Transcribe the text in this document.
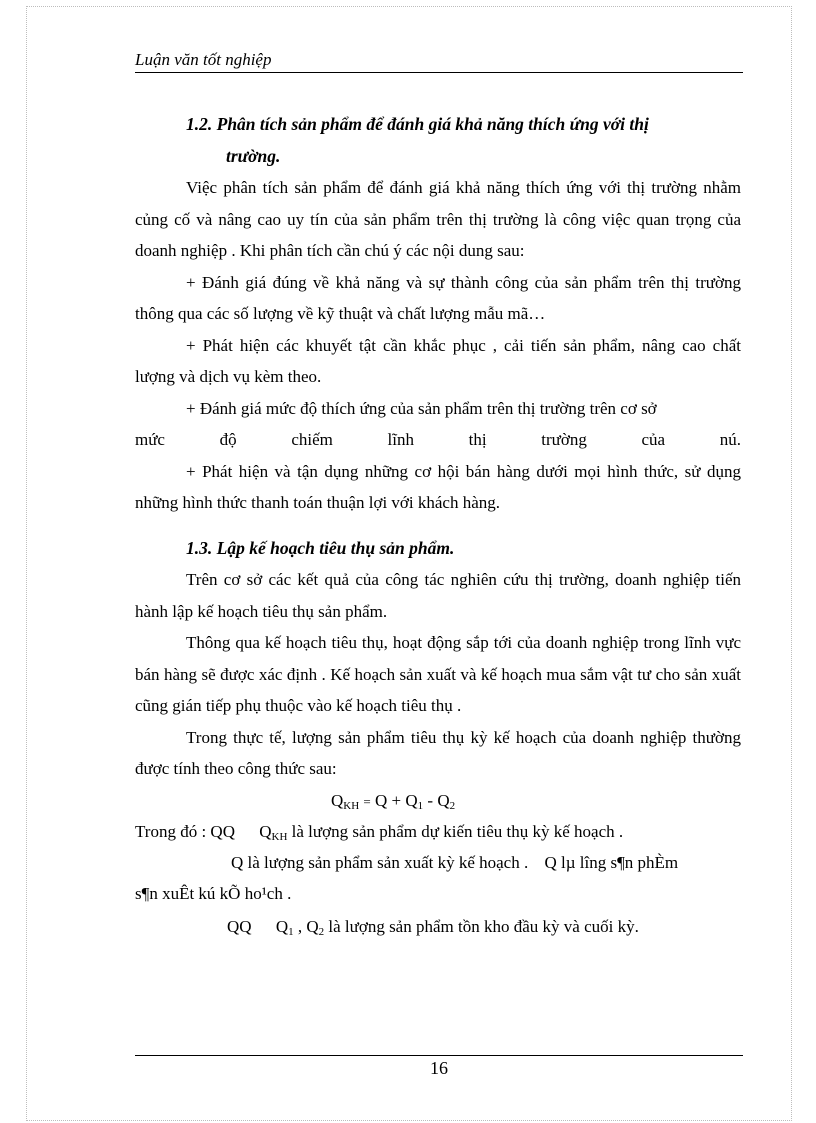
Luận văn tốt nghiệp
1.2. Phân tích sản phẩm để đánh giá khả năng thích ứng với thị
trường.

Việc phân tích sản phẩm để đánh giá khả năng thích ứng với thị trường nhằm củng cố và nâng cao uy tín của sản phẩm trên thị trường là công việc quan trọng của doanh nghiệp . Khi phân tích cần chú ý các nội dung sau:

+ Đánh giá đúng về khả năng và sự thành công của sản phẩm trên thị trường thông qua các số lượng về kỹ thuật và chất lượng mẫu mã…

+ Phát hiện các khuyết tật cần khắc phục , cải tiến sản phẩm, nâng cao chất lượng và dịch vụ kèm theo.

+ Đánh giá mức độ thích ứng của sản phẩm trên thị trường trên cơ sở

mức độ chiếm lĩnh thị trường của nú.

+ Phát hiện và tận dụng những cơ hội bán hàng dưới mọi hình thức, sử dụng những hình thức thanh toán thuận lợi với khách hàng.

1.3. Lập kế hoạch tiêu thụ sản phẩm.

Trên cơ sở các kết quả của công tác nghiên cứu thị trường, doanh nghiệp tiến hành lập kế hoạch tiêu thụ sản phẩm.

Thông qua kế hoạch tiêu thụ, hoạt động sắp tới của doanh nghiệp trong lĩnh vực bán hàng sẽ được xác định . Kế hoạch sản xuất và kế hoạch mua sắm vật tư cho sản xuất cũng gián tiếp phụ thuộc vào kế hoạch tiêu thụ .

Trong thực tế, lượng sản phẩm tiêu thụ kỳ kế hoạch của doanh nghiệp thường được tính theo công thức sau:

$Q_{KH} = Q + Q_1 - Q_2$

Trong đó : QQ $Q_{KH}$ là lượng sản phẩm dự kiến tiêu thụ kỳ kế hoạch .

Q là lượng sản phẩm sản xuất kỳ kế hoạch . Q lµ lîng s¶n phÈm

s¶n xuÊt kú kÕ ho¹ch .

QQ $Q_1$ , $Q_2$ là lượng sản phẩm tồn kho đầu kỳ và cuối kỳ.

16
